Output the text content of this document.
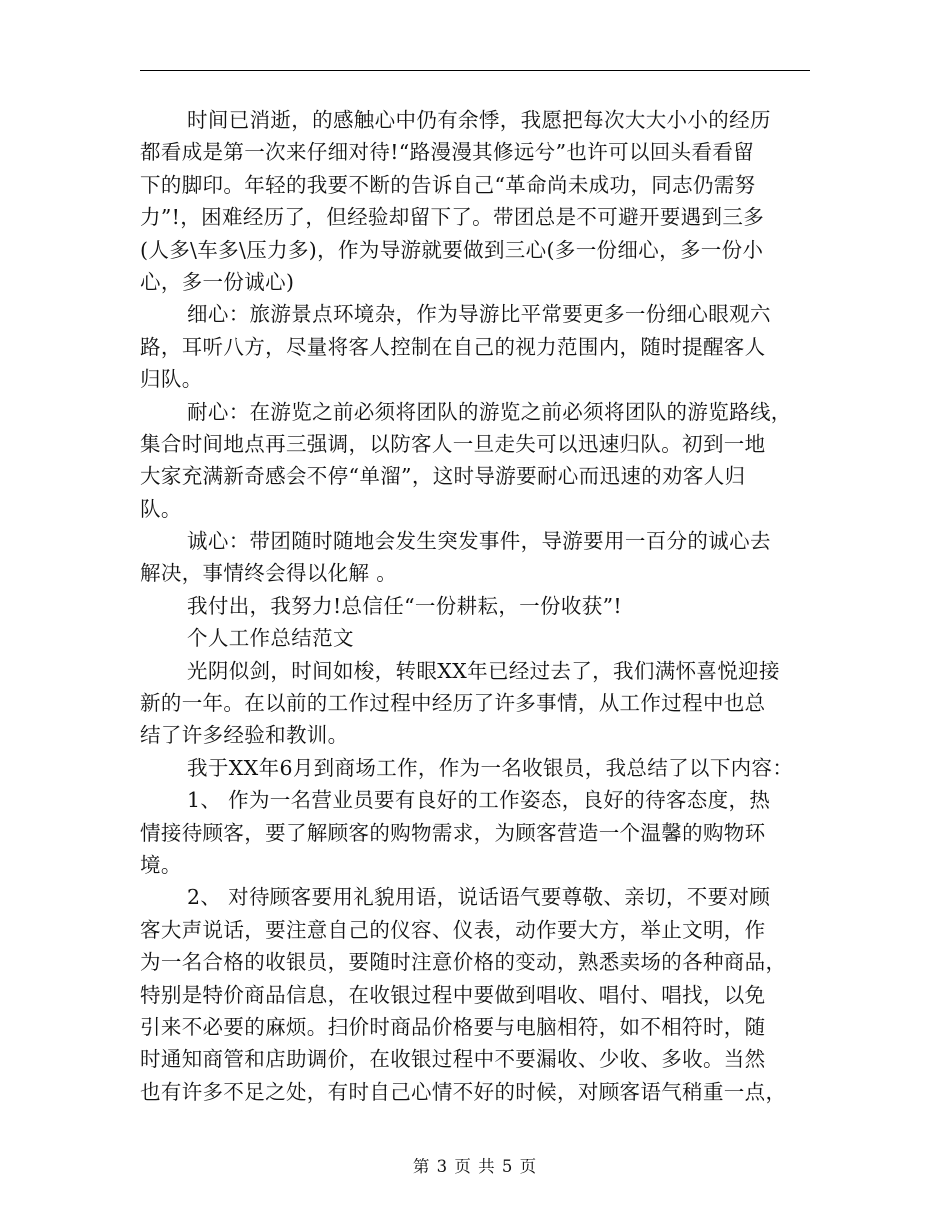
时间已消逝，的感触心中仍有余悸，我愿把每次大大小小的经历
都看成是第一次来仔细对待!“路漫漫其修远兮”也许可以回头看看留
下的脚印。年轻的我要不断的告诉自己“革命尚未成功，同志仍需努
力”!，困难经历了，但经验却留下了。带团总是不可避开要遇到三多
(人多\车多\压力多)，作为导游就要做到三心(多一份细心，多一份小
心，多一份诚心)
细心：旅游景点环境杂，作为导游比平常要更多一份细心眼观六
路，耳听八方，尽量将客人控制在自己的视力范围内，随时提醒客人
归队。
耐心：在游览之前必须将团队的游览之前必须将团队的游览路线，
集合时间地点再三强调，以防客人一旦走失可以迅速归队。初到一地
大家充满新奇感会不停“单溜”，这时导游要耐心而迅速的劝客人归
队。
诚心：带团随时随地会发生突发事件，导游要用一百分的诚心去
解决，事情终会得以化解 。
我付出，我努力!总信任“一份耕耘，一份收获”!
个人工作总结范文
光阴似剑，时间如梭，转眼XX年已经过去了，我们满怀喜悦迎接
新的一年。在以前的工作过程中经历了许多事情，从工作过程中也总
结了许多经验和教训。
我于XX年6月到商场工作，作为一名收银员，我总结了以下内容：
1、 作为一名营业员要有良好的工作姿态，良好的待客态度，热
情接待顾客，要了解顾客的购物需求，为顾客营造一个温馨的购物环
境。
2、 对待顾客要用礼貌用语，说话语气要尊敬、亲切，不要对顾
客大声说话，要注意自己的仪容、仪表，动作要大方，举止文明，作
为一名合格的收银员，要随时注意价格的变动，熟悉卖场的各种商品，
特别是特价商品信息，在收银过程中要做到唱收、唱付、唱找，以免
引来不必要的麻烦。扫价时商品价格要与电脑相符，如不相符时，随
时通知商管和店助调价，在收银过程中不要漏收、少收、多收。当然
也有许多不足之处，有时自己心情不好的时候，对顾客语气稍重一点，
第 3 页 共 5 页
